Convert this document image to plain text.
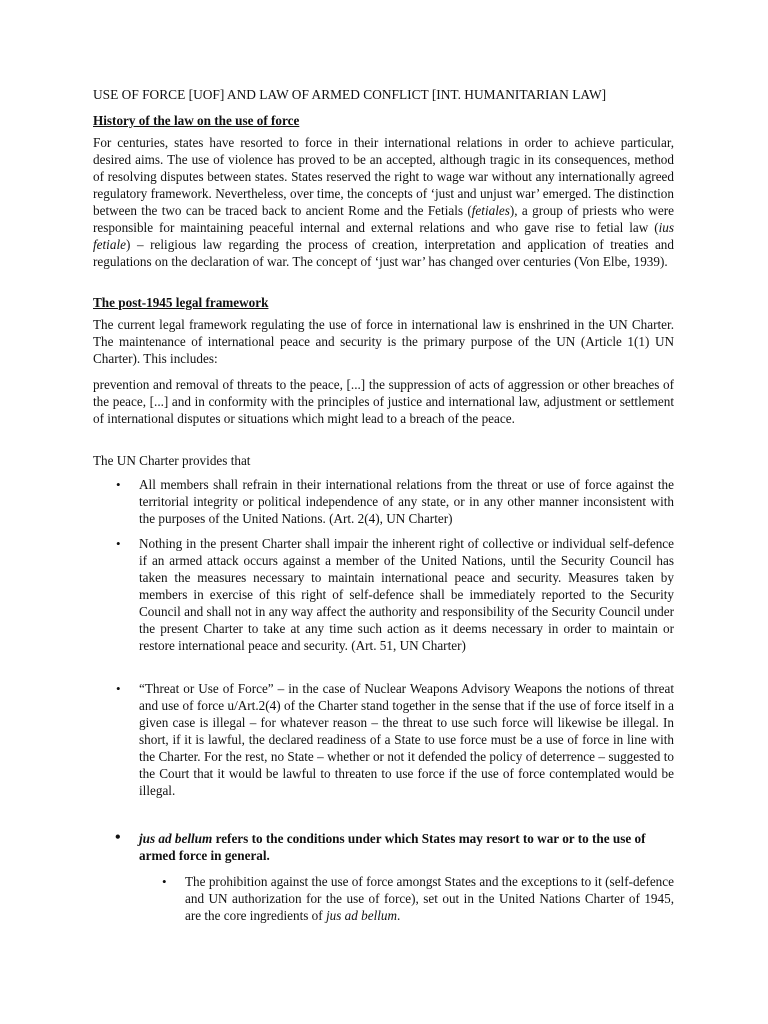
USE OF FORCE [UOF] AND LAW OF ARMED CONFLICT [INT. HUMANITARIAN LAW]
History of the law on the use of force

For centuries, states have resorted to force in their international relations in order to achieve particular, desired aims. The use of violence has proved to be an accepted, although tragic in its consequences, method of resolving disputes between states. States reserved the right to wage war without any internationally agreed regulatory framework. Nevertheless, over time, the concepts of ‘just and unjust war’ emerged. The distinction between the two can be traced back to ancient Rome and the Fetials (fetiales), a group of priests who were responsible for maintaining peaceful internal and external relations and who gave rise to fetial law (ius fetiale) – religious law regarding the process of creation, interpretation and application of treaties and regulations on the declaration of war. The concept of ‘just war’ has changed over centuries (Von Elbe, 1939).

The post-1945 legal framework

The current legal framework regulating the use of force in international law is enshrined in the UN Charter. The maintenance of international peace and security is the primary purpose of the UN (Article 1(1) UN Charter). This includes:

prevention and removal of threats to the peace, [...] the suppression of acts of aggression or other breaches of the peace, [...] and in conformity with the principles of justice and international law, adjustment or settlement of international disputes or situations which might lead to a breach of the peace.

The UN Charter provides that

• All members shall refrain in their international relations from the threat or use of force against the territorial integrity or political independence of any state, or in any other manner inconsistent with the purposes of the United Nations. (Art. 2(4), UN Charter)

• Nothing in the present Charter shall impair the inherent right of collective or individual self-defence if an armed attack occurs against a member of the United Nations, until the Security Council has taken the measures necessary to maintain international peace and security. Measures taken by members in exercise of this right of self-defence shall be immediately reported to the Security Council and shall not in any way affect the authority and responsibility of the Security Council under the present Charter to take at any time such action as it deems necessary in order to maintain or restore international peace and security. (Art. 51, UN Charter)

• “Threat or Use of Force” – in the case of Nuclear Weapons Advisory Weapons the notions of threat and use of force u/Art.2(4) of the Charter stand together in the sense that if the use of force itself in a given case is illegal – for whatever reason – the threat to use such force will likewise be illegal. In short, if it is lawful, the declared readiness of a State to use force must be a use of force in line with the Charter. For the rest, no State – whether or not it defended the policy of deterrence – suggested to the Court that it would be lawful to threaten to use force if the use of force contemplated would be illegal.

• jus ad bellum refers to the conditions under which States may resort to war or to the use of armed force in general.

• The prohibition against the use of force amongst States and the exceptions to it (self-defence and UN authorization for the use of force), set out in the United Nations Charter of 1945, are the core ingredients of jus ad bellum.
